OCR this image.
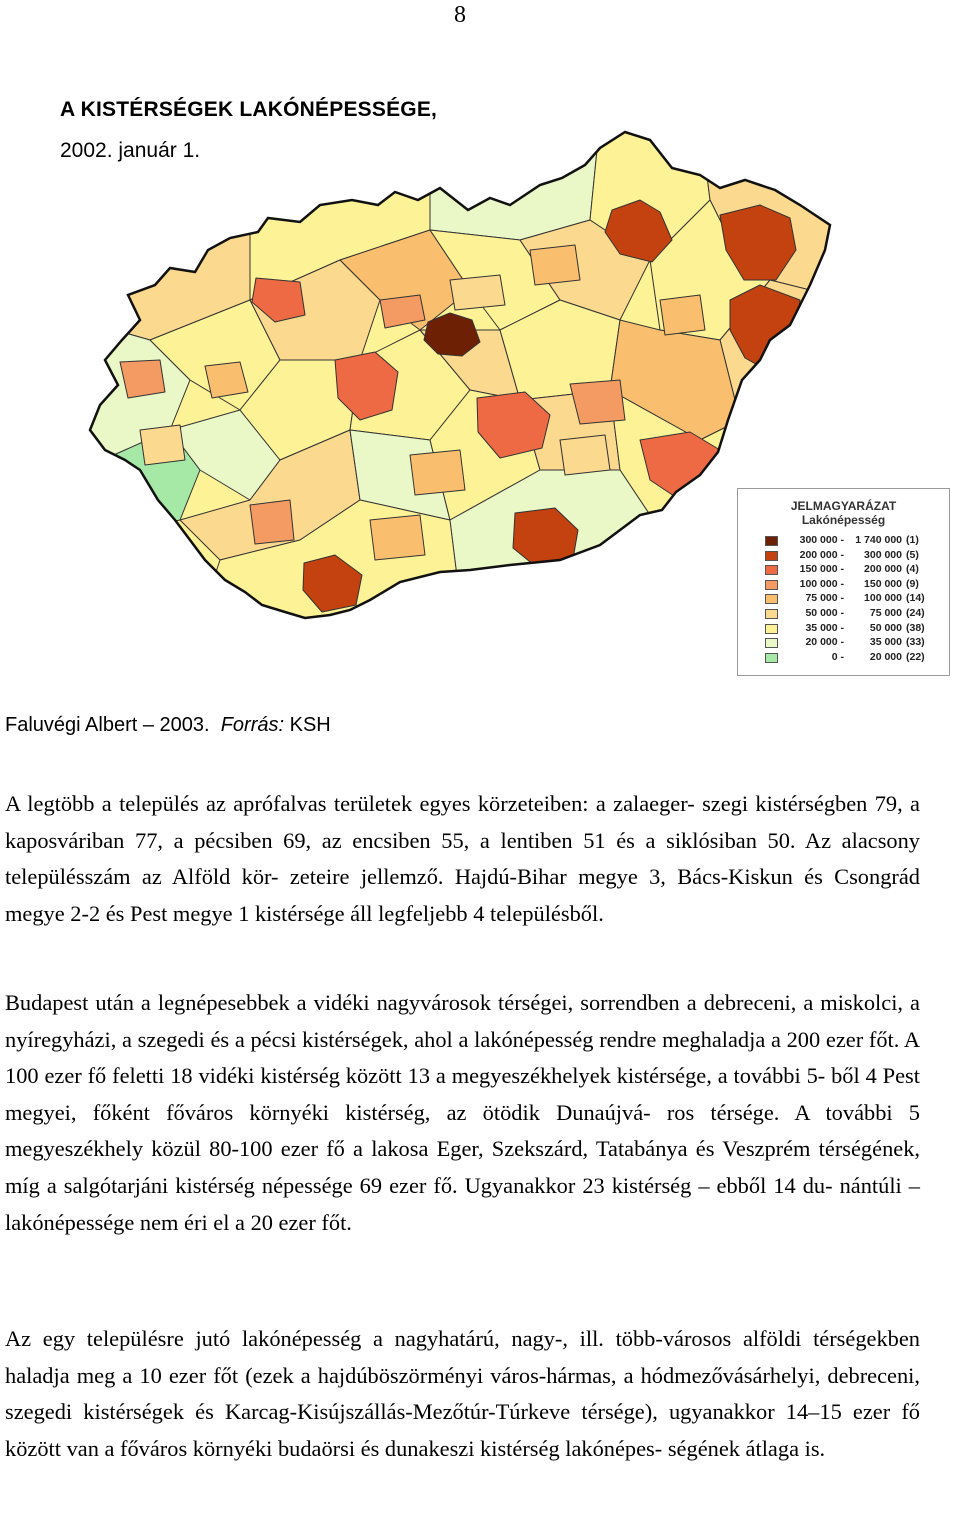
8
A KISTÉRSÉGEK LAKÓNÉPESSÉGE,
2002. január 1.
JELMAGYARÁZAT
Lakónépesség
300 000 -	1 740 000 (1)
200 000 -	300 000 (5)
150 000 -	200 000 (4)
100 000 -	150 000 (9)
75 000 -	100 000 (14)
50 000 -	75 000 (24)
35 000 -	50 000 (38)
20 000 -	35 000 (33)
0 -	20 000 (22)
Faluvégi Albert – 2003. Forrás: KSH
A legtöbb a település az aprófalvas területek egyes körzeteiben: a zalaeger- szegi kistérségben 79, a kaposváriban 77, a pécsiben 69, az encsiben 55, a lentiben 51 és a siklósiban 50. Az alacsony településszám az Alföld kör- zeteire jellemző. Hajdú-Bihar megye 3, Bács-Kiskun és Csongrád megye 2-2 és Pest megye 1 kistérsége áll legfeljebb 4 településből.
Budapest után a legnépesebbek a vidéki nagyvárosok térségei, sorrendben a debreceni, a miskolci, a nyíregyházi, a szegedi és a pécsi kistérségek, ahol a lakónépesség rendre meghaladja a 200 ezer főt. A 100 ezer fő feletti 18 vidéki kistérség között 13 a megyeszékhelyek kistérsége, a további 5- ből 4 Pest megyei, főként főváros környéki kistérség, az ötödik Dunaújvá- ros térsége. A további 5 megyeszékhely közül 80-100 ezer fő a lakosa Eger, Szekszárd, Tatabánya és Veszprém térségének, míg a salgótarjáni kistérség népessége 69 ezer fő. Ugyanakkor 23 kistérség – ebből 14 du- nántúli – lakónépessége nem éri el a 20 ezer főt.
Az egy településre jutó lakónépesség a nagyhatárú, nagy-, ill. több-városos alföldi térségekben haladja meg a 10 ezer főt (ezek a hajdúböszörményi város-hármas, a hódmezővásárhelyi, debreceni, szegedi kistérségek és Karcag-Kisújszállás-Mezőtúr-Túrkeve térsége), ugyanakkor 14–15 ezer fő között van a főváros környéki budaörsi és dunakeszi kistérség lakónépes- ségének átlaga is.
